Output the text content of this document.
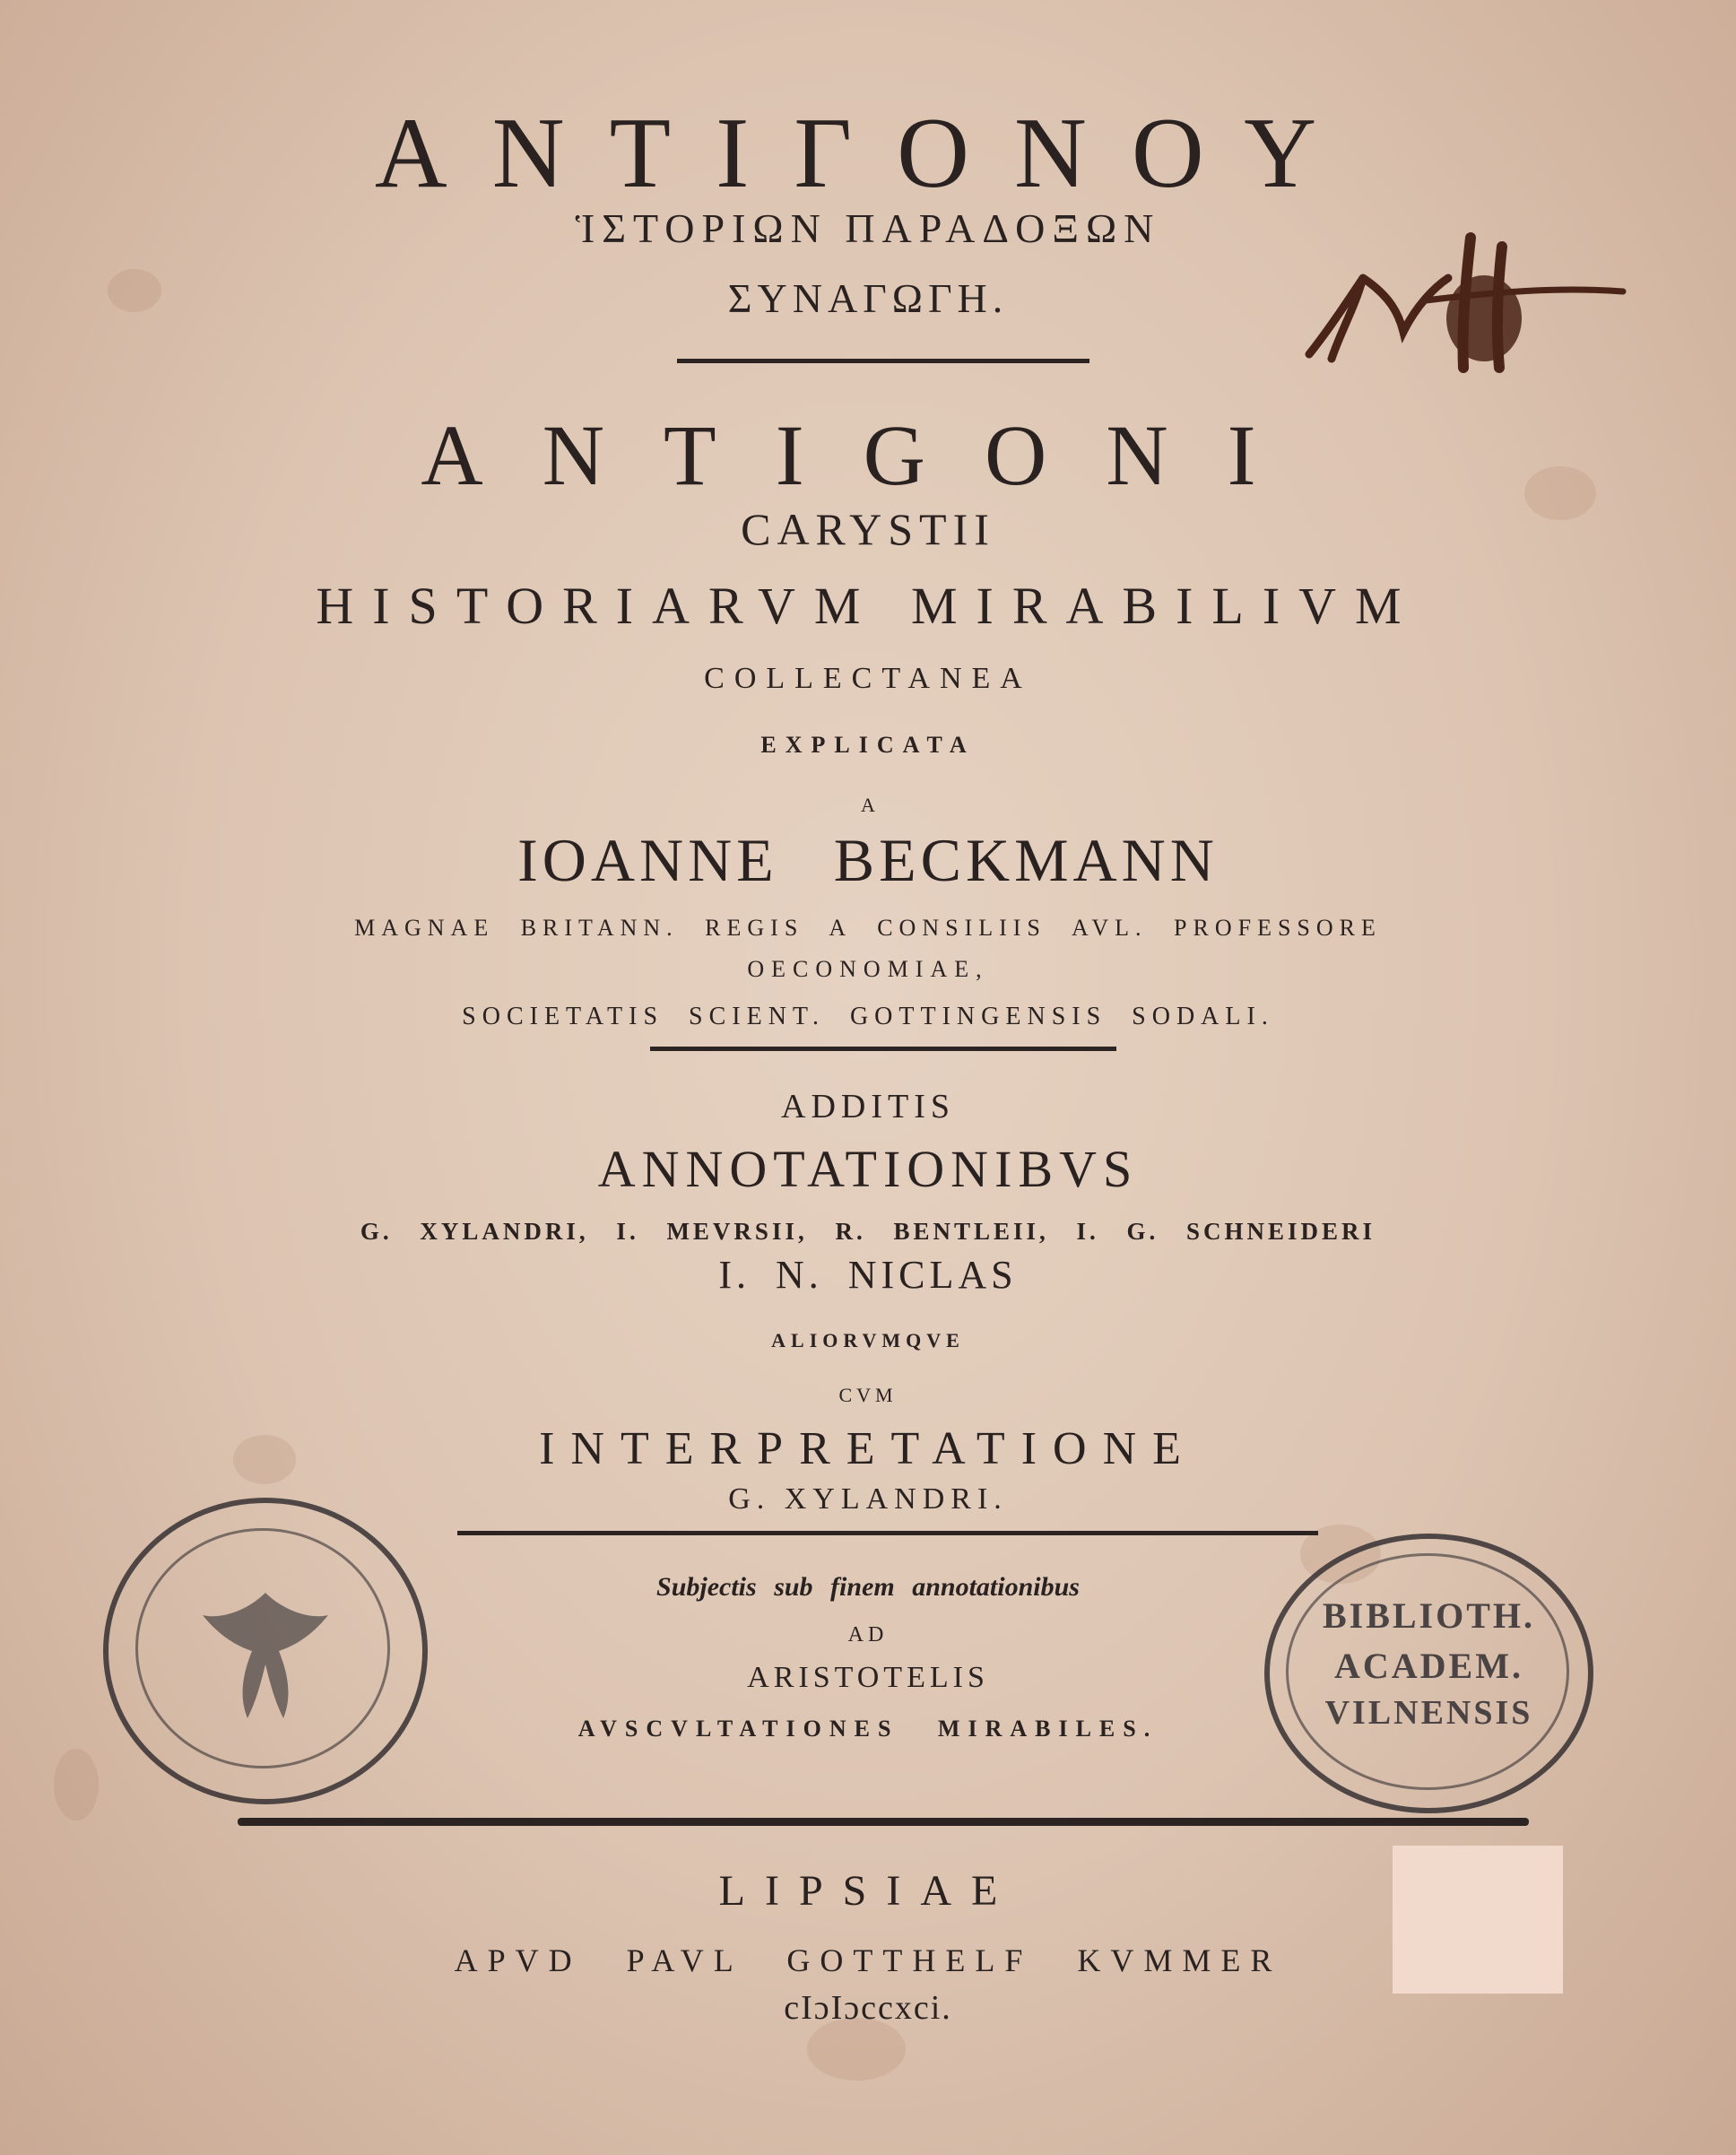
ΑΝΤΙΓΟΝΟΥ
ἹΣΤΟΡΙΩΝ ΠΑΡΑΔΟΞΩΝ
ΣΥΝΑΓΩΓΗ.
ANTIGONI
CARYSTII
HISTORIARVM MIRABILIVM
COLLECTANEA
EXPLICATA
A
IOANNE BECKMANN
MAGNAE BRITANN. REGIS A CONSILIIS AVL. PROFESSORE
OECONOMIAE,
SOCIETATIS SCIENT. GOTTINGENSIS SODALI.
ADDITIS
ANNOTATIONIBVS
G. XYLANDRI, I. MEVRSII, R. BENTLEII, I. G. SCHNEIDERI
I. N. NICLAS
ALIORVMQVE
CVM
INTERPRETATIONE
G. XYLANDRI.
Subjectis sub finem annotationibus
AD
ARISTOTELIS
AVSCVLTATIONES MIRABILES.
LIPSIAE
APVD PAVL GOTTHELF KVMMER
cIɔIɔccxci.
BIBLIOTH.
ACADEM.
VILNENSIS
